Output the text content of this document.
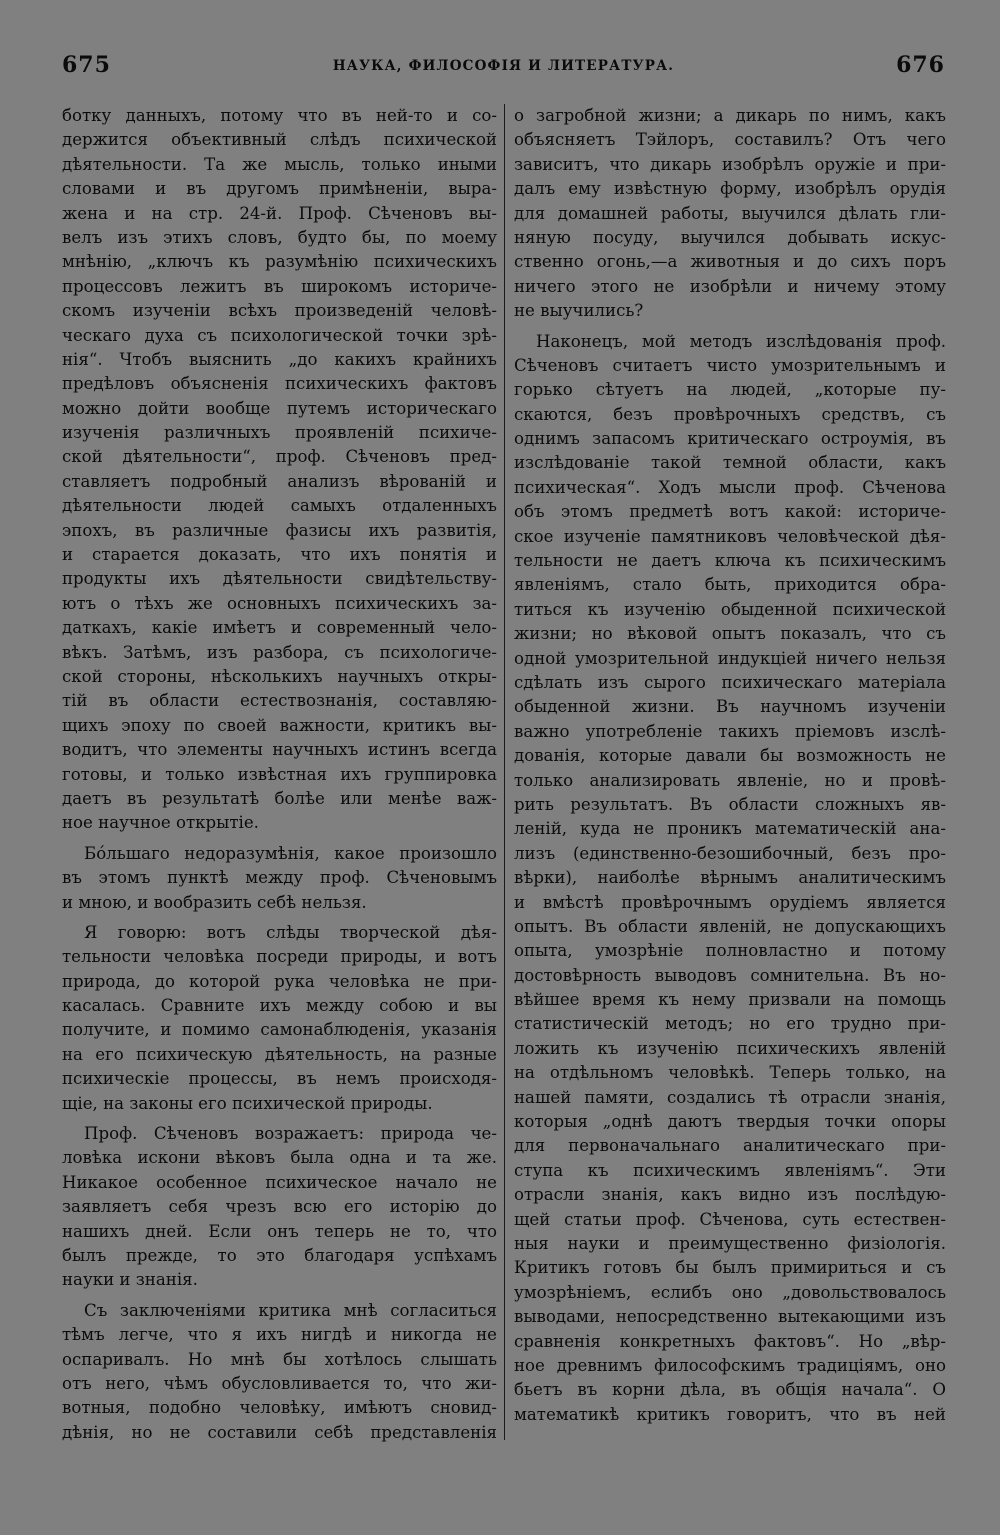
675	НАУКА, ФИЛОСОФІЯ И ЛИТЕРАТУРА.	676
ботку данныхъ, потому что въ ней-то и со-
держится объективный слѣдъ психической
дѣятельности. Та же мысль, только иными
словами и въ другомъ примѣненіи, выра-
жена и на стр. 24-й. Проф. Сѣченовъ вы-
велъ изъ этихъ словъ, будто бы, по моему
мнѣнію, „ключъ къ разумѣнію психическихъ
процессовъ лежитъ въ широкомъ историче-
скомъ изученіи всѣхъ произведеній человѣ-
ческаго духа съ психологической точки зрѣ-
нія“. Чтобъ выяснить „до какихъ крайнихъ
предѣловъ объясненія психическихъ фактовъ
можно дойти вообще путемъ историческаго
изученія различныхъ проявленій психиче-
ской дѣятельности“, проф. Сѣченовъ пред-
ставляетъ подробный анализъ вѣрованій и
дѣятельности людей самыхъ отдаленныхъ
эпохъ, въ различные фазисы ихъ развитія,
и старается доказать, что ихъ понятія и
продукты ихъ дѣятельности свидѣтельству-
ютъ о тѣхъ же основныхъ психическихъ за-
даткахъ, какіе имѣетъ и современный чело-
вѣкъ. Затѣмъ, изъ разбора, съ психологиче-
ской стороны, нѣсколькихъ научныхъ откры-
тій въ области естествознанія, составляю-
щихъ эпоху по своей важности, критикъ вы-
водитъ, что элементы научныхъ истинъ всегда
готовы, и только извѣстная ихъ группировка
даетъ въ результатѣ болѣе или менѣе важ-
ное научное открытіе.
Бóльшаго недоразумѣнія, какое произошло
въ этомъ пунктѣ между проф. Сѣченовымъ
и мною, и вообразить себѣ нельзя.
Я говорю: вотъ слѣды творческой дѣя-
тельности человѣка посреди природы, и вотъ
природа, до которой рука человѣка не при-
касалась. Сравните ихъ между собою и вы
получите, и помимо самонаблюденія, указанія
на его психическую дѣятельность, на разные
психическіе процессы, въ немъ происходя-
щіе, на законы его психической природы.
Проф. Сѣченовъ возражаетъ: природа че-
ловѣка искони вѣковъ была одна и та же.
Никакое особенное психическое начало не
заявляетъ себя чрезъ всю его исторію до
нашихъ дней. Если онъ теперь не то, что
былъ прежде, то это благодаря успѣхамъ
науки и знанія.
Съ заключеніями критика мнѣ согласиться
тѣмъ легче, что я ихъ нигдѣ и никогда не
оспаривалъ. Но мнѣ бы хотѣлось слышать
отъ него, чѣмъ обусловливается то, что жи-
вотныя, подобно человѣку, имѣютъ сновид-
дѣнія, но не составили себѣ представленія
о загробной жизни; а дикарь по нимъ, какъ
объясняетъ Тэйлоръ, составилъ? Отъ чего
зависитъ, что дикарь изобрѣлъ оружіе и при-
далъ ему извѣстную форму, изобрѣлъ орудія
для домашней работы, выучился дѣлать гли-
няную посуду, выучился добывать искус-
ственно огонь,—а животныя и до сихъ поръ
ничего этого не изобрѣли и ничему этому
не выучились?
Наконецъ, мой методъ изслѣдованія проф.
Сѣченовъ считаетъ чисто умозрительнымъ и
горько сѣтуетъ на людей, „которые пу-
скаются, безъ провѣрочныхъ средствъ, съ
однимъ запасомъ критическаго остроумія, въ
изслѣдованіе такой темной области, какъ
психическая“. Ходъ мысли проф. Сѣченова
объ этомъ предметѣ вотъ какой: историче-
ское изученіе памятниковъ человѣческой дѣя-
тельности не даетъ ключа къ психическимъ
явленіямъ, стало быть, приходится обра-
титься къ изученію обыденной психической
жизни; но вѣковой опытъ показалъ, что съ
одной умозрительной индукціей ничего нельзя
сдѣлать изъ сырого психическаго матеріала
обыденной жизни. Въ научномъ изученіи
важно употребленіе такихъ пріемовъ изслѣ-
дованія, которые давали бы возможность не
только анализировать явленіе, но и провѣ-
рить результатъ. Въ области сложныхъ яв-
леній, куда не проникъ математическій ана-
лизъ (единственно-безошибочный, безъ про-
вѣрки), наиболѣе вѣрнымъ аналитическимъ
и вмѣстѣ провѣрочнымъ орудіемъ является
опытъ. Въ области явленій, не допускающихъ
опыта, умозрѣніе полновластно и потому
достовѣрность выводовъ сомнительна. Въ но-
вѣйшее время къ нему призвали на помощь
статистическій методъ; но его трудно при-
ложить къ изученію психическихъ явленій
на отдѣльномъ человѣкѣ. Теперь только, на
нашей памяти, создались тѣ отрасли знанія,
которыя „однѣ даютъ твердыя точки опоры
для первоначальнаго аналитическаго при-
ступа къ психическимъ явленіямъ“. Эти
отрасли знанія, какъ видно изъ послѣдую-
щей статьи проф. Сѣченова, суть естествен-
ныя науки и преимущественно физіологія.
Критикъ готовъ бы былъ примириться и съ
умозрѣніемъ, еслибъ оно „довольствовалось
выводами, непосредственно вытекающими изъ
сравненія конкретныхъ фактовъ“. Но „вѣр-
ное древнимъ философскимъ традиціямъ, оно
бьетъ въ корни дѣла, въ общія начала“. О
математикѣ критикъ говоритъ, что въ ней
